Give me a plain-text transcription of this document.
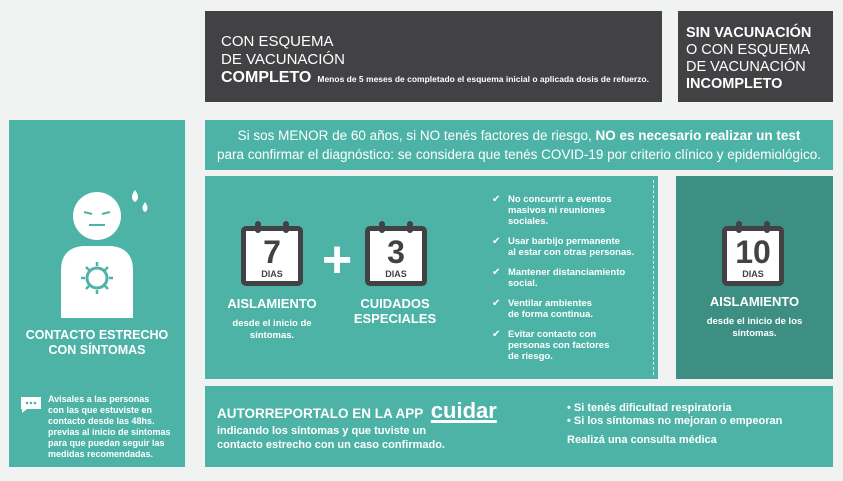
CON ESQUEMA
DE VACUNACIÓN
COMPLETO Menos de 5 meses de completado el esquema inicial o aplicada dosis de refuerzo.
SIN VACUNACIÓN
O CON ESQUEMA
DE VACUNACIÓN
INCOMPLETO
CONTACTO ESTRECHO
CON SÍNTOMAS
Avisales a las personas
con las que estuviste en
contacto desde las 48hs.
previas al inicio de síntomas
para que puedan seguir las
medidas recomendadas.
Si sos MENOR de 60 años, si NO tenés factores de riesgo, NO es necesario realizar un test
para confirmar el diagnóstico: se considera que tenés COVID-19 por criterio clínico y epidemiológico.
7
DIAS +	3
DIAS
AISLAMIENTO
desde el inicio de
síntomas.
CUIDADOS
ESPECIALES
✔ No concurrir a eventos
masivos ni reuniones
sociales.
✔ Usar barbijo permanente
al estar con otras personas.
✔ Mantener distanciamiento
social.
✔ Ventilar ambientes
de forma continua.
✔ Evitar contacto con
personas con factores
de riesgo.
10
DIAS
AISLAMIENTO
desde el inicio de los
síntomas.
AUTORREPORTALO EN LA APP cuidar
indicando los síntomas y que tuviste un
contacto estrecho con un caso confirmado.
• Si tenés dificultad respiratoria
• Si los síntomas no mejoran o empeoran
Realizá una consulta médica
